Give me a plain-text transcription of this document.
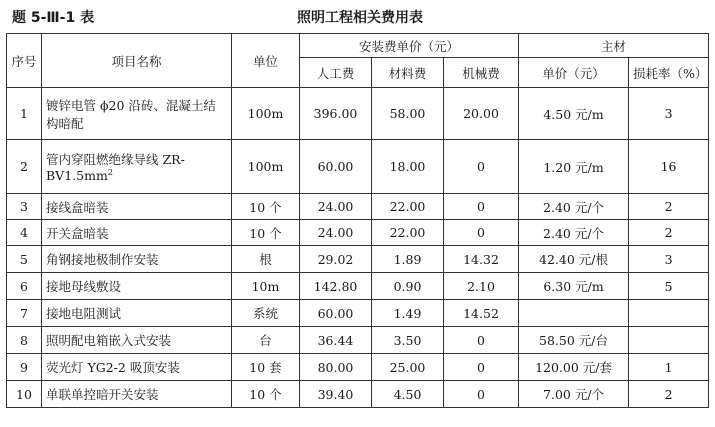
题 5-Ⅲ-1 表	照明工程相关费用表
序号	项目名称	单位	安装费单价（元）			主材	
			人工费	材料费	机械费	单价（元）	损耗率（%）
1	镀锌电管 ϕ20 沿砖、混凝土结构暗配	100m	396.00	58.00	20.00	4.50 元/m	3
2	管内穿阻燃绝缘导线 $ZR-BV1.5mm^2$	100m	60.00	18.00	0	1.20 元/m	16
3	接线盒暗装	10 个	24.00	22.00	0	2.40 元/个	2
4	开关盒暗装	10 个	24.00	22.00	0	2.40 元/个	2
5	角钢接地极制作安装	根	29.02	1.89	14.32	42.40 元/根	3
6	接地母线敷设	10m	142.80	0.90	2.10	6.30 元/m	5
7	接地电阻测试	系统	60.00	1.49	14.52		
8	照明配电箱嵌入式安装	台	36.44	3.50	0	58.50 元/台	
9	荧光灯 YG2-2 吸顶安装	10 套	80.00	25.00	0	120.00 元/套	1
10	单联单控暗开关安装	10 个	39.40	4.50	0	7.00 元/个	2
